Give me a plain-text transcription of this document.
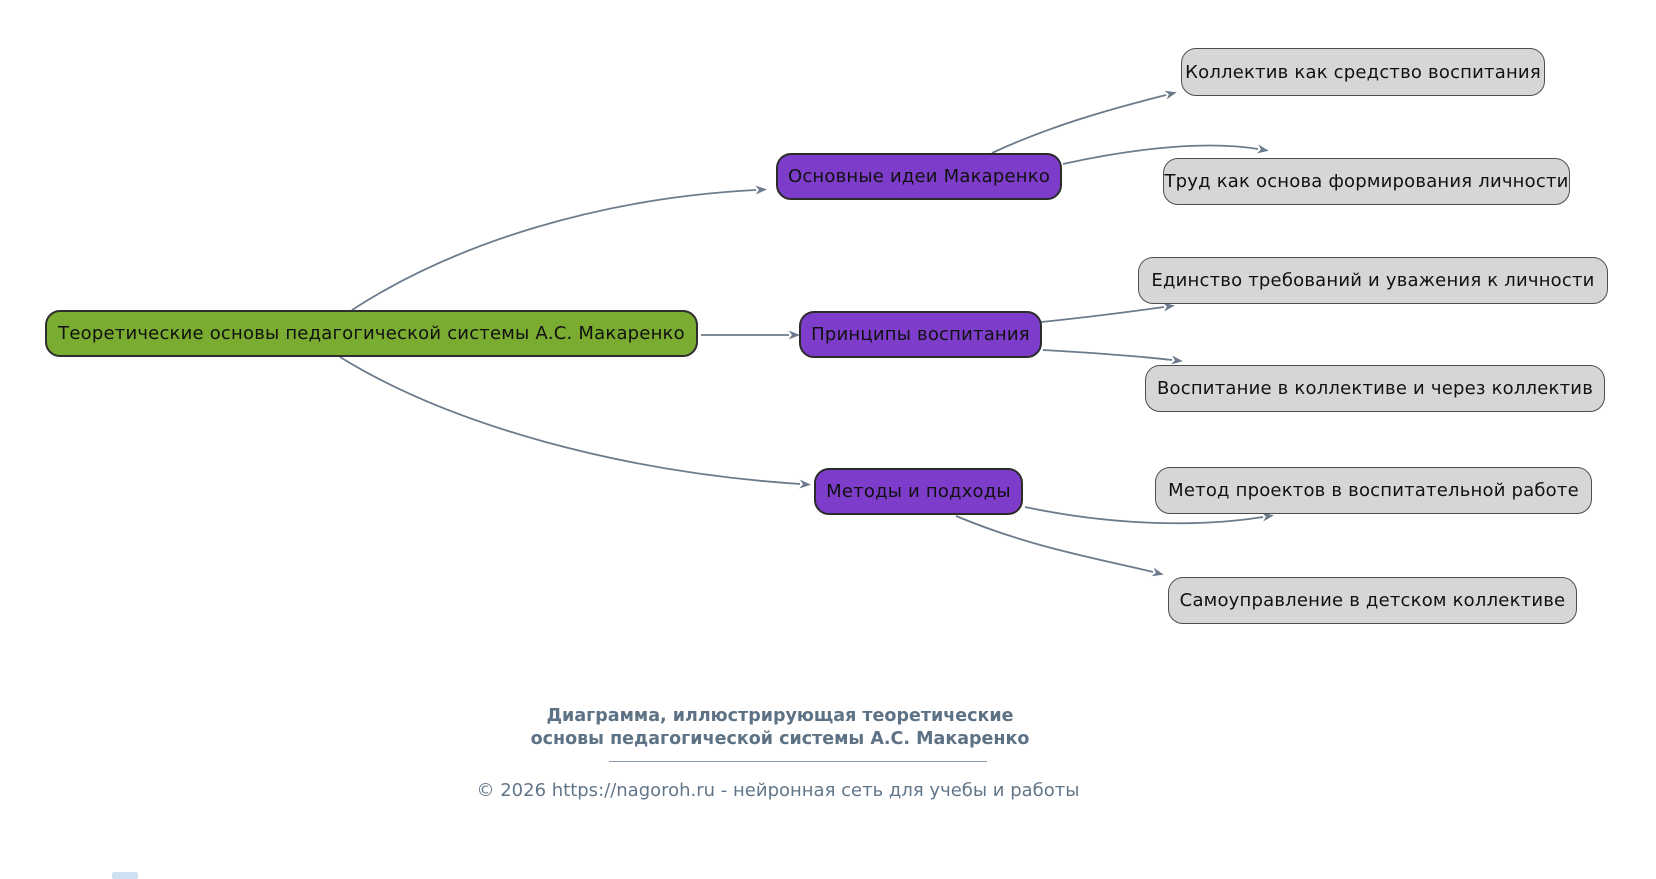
Теоретические основы педагогической системы А.С. Макаренко
Основные идеи Макаренко
Принципы воспитания
Методы и подходы
Коллектив как средство воспитания
Труд как основа формирования личности
Единство требований и уважения к личности
Воспитание в коллективе и через коллектив
Метод проектов в воспитательной работе
Самоуправление в детском коллективе
Диаграмма, иллюстрирующая теоретические
основы педагогической системы А.С. Макаренко
© 2026 https://nagoroh.ru - нейронная сеть для учебы и работы
